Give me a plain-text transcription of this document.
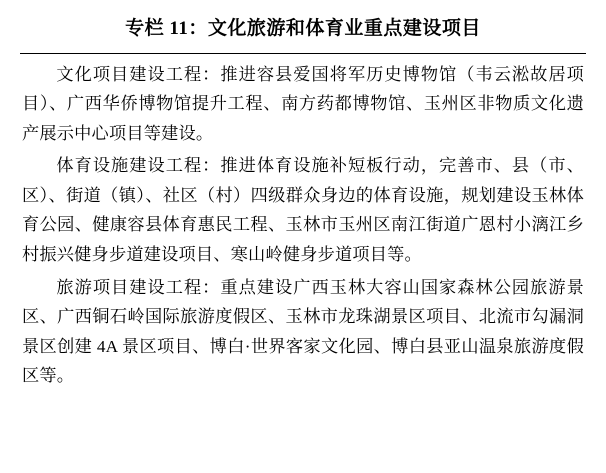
专栏 11：文化旅游和体育业重点建设项目

文化项目建设工程：推进容县爱国将军历史博物馆（韦云淞故居项目）、广西华侨博物馆提升工程、南方药都博物馆、玉州区非物质文化遗产展示中心项目等建设。

体育设施建设工程：推进体育设施补短板行动，完善市、县（市、区）、街道（镇）、社区（村）四级群众身边的体育设施，规划建设玉林体育公园、健康容县体育惠民工程、玉林市玉州区南江街道广恩村小漓江乡村振兴健身步道建设项目、寒山岭健身步道项目等。

旅游项目建设工程：重点建设广西玉林大容山国家森林公园旅游景区、广西铜石岭国际旅游度假区、玉林市龙珠湖景区项目、北流市勾漏洞景区创建 4A 景区项目、博白·世界客家文化园、博白县亚山温泉旅游度假区等。
